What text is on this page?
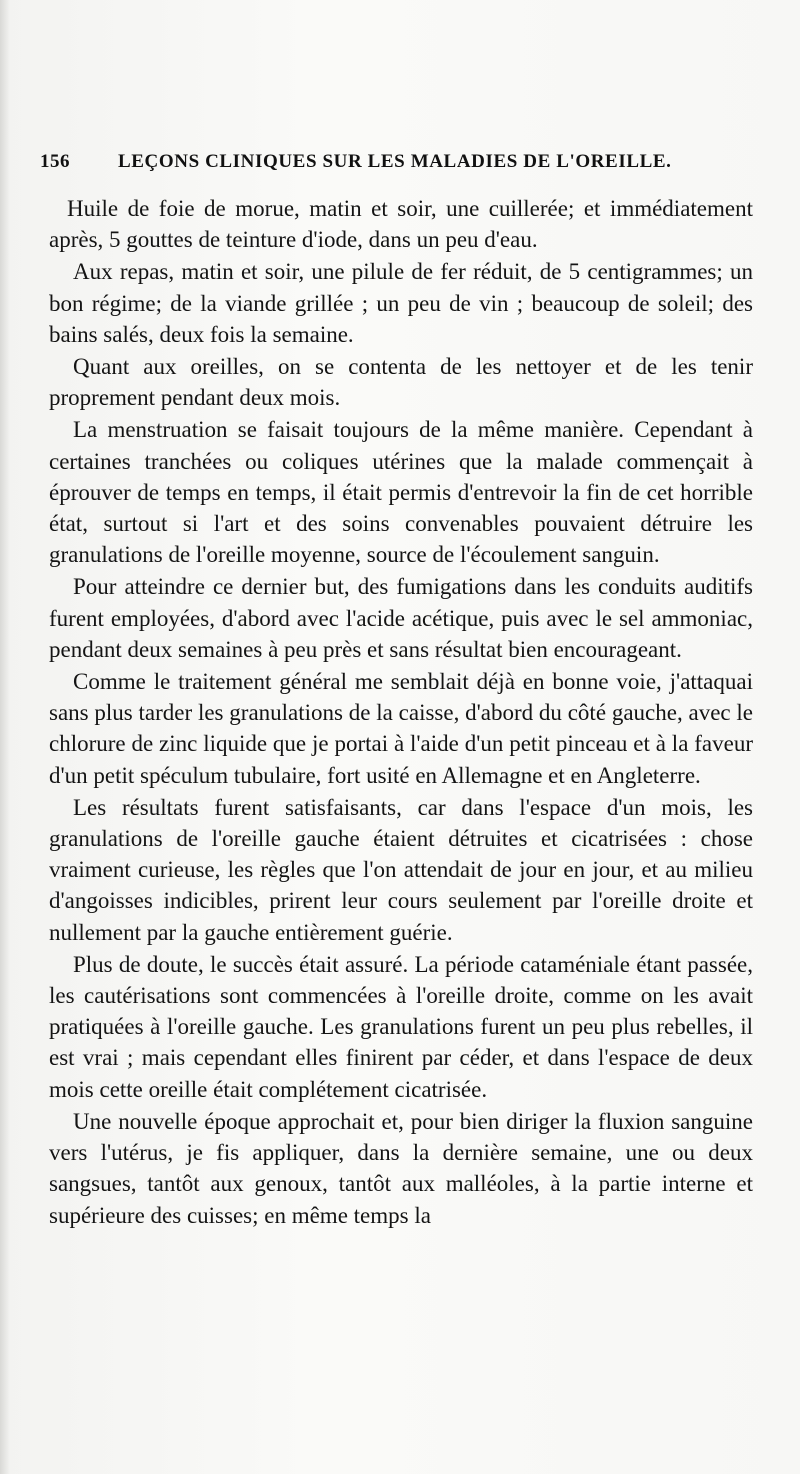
156	LEÇONS CLINIQUES SUR LES MALADIES DE L'OREILLE.

Huile de foie de morue, matin et soir, une cuillerée; et immédiatement après, 5 gouttes de teinture d'iode, dans un peu d'eau.

Aux repas, matin et soir, une pilule de fer réduit, de 5 centigrammes; un bon régime; de la viande grillée ; un peu de vin ; beaucoup de soleil; des bains salés, deux fois la semaine.

Quant aux oreilles, on se contenta de les nettoyer et de les tenir proprement pendant deux mois.

La menstruation se faisait toujours de la même manière. Cependant à certaines tranchées ou coliques utérines que la malade commençait à éprouver de temps en temps, il était permis d'entrevoir la fin de cet horrible état, surtout si l'art et des soins convenables pouvaient détruire les granulations de l'oreille moyenne, source de l'écoulement sanguin.

Pour atteindre ce dernier but, des fumigations dans les conduits auditifs furent employées, d'abord avec l'acide acétique, puis avec le sel ammoniac, pendant deux semaines à peu près et sans résultat bien encourageant.

Comme le traitement général me semblait déjà en bonne voie, j'attaquai sans plus tarder les granulations de la caisse, d'abord du côté gauche, avec le chlorure de zinc liquide que je portai à l'aide d'un petit pinceau et à la faveur d'un petit spéculum tubulaire, fort usité en Allemagne et en Angleterre.

Les résultats furent satisfaisants, car dans l'espace d'un mois, les granulations de l'oreille gauche étaient détruites et cicatrisées : chose vraiment curieuse, les règles que l'on attendait de jour en jour, et au milieu d'angoisses indicibles, prirent leur cours seulement par l'oreille droite et nullement par la gauche entièrement guérie.

Plus de doute, le succès était assuré. La période cataméniale étant passée, les cautérisations sont commencées à l'oreille droite, comme on les avait pratiquées à l'oreille gauche. Les granulations furent un peu plus rebelles, il est vrai ; mais cependant elles finirent par céder, et dans l'espace de deux mois cette oreille était complétement cicatrisée.

Une nouvelle époque approchait et, pour bien diriger la fluxion sanguine vers l'utérus, je fis appliquer, dans la dernière semaine, une ou deux sangsues, tantôt aux genoux, tantôt aux malléoles, à la partie interne et supérieure des cuisses; en même temps la
